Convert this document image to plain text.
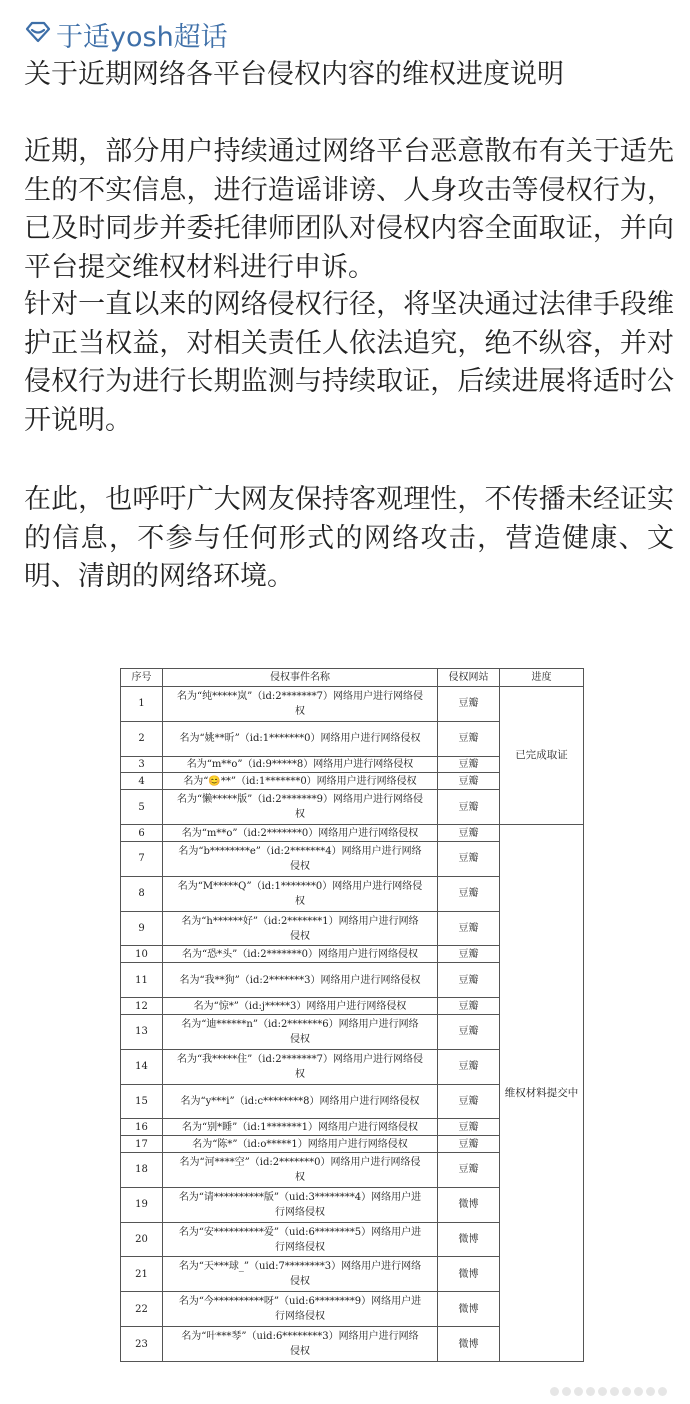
于适yosh超话
关于近期网络各平台侵权内容的维权进度说明
近期，部分用户持续通过网络平台恶意散布有关于适先生的不实信息，进行造谣诽谤、人身攻击等侵权行为，已及时同步并委托律师团队对侵权内容全面取证，并向平台提交维权材料进行申诉。
针对一直以来的网络侵权行径，将坚决通过法律手段维护正当权益，对相关责任人依法追究，绝不纵容，并对侵权行为进行长期监测与持续取证，后续进展将适时公开说明。
在此，也呼吁广大网友保持客观理性，不传播未经证实的信息，不参与任何形式的网络攻击，营造健康、文明、清朗的网络环境。
序号	侵权事件名称	侵权网站	进度
1	名为“纯*****岚”（id:2*******7）网络用户进行网络侵权	豆瓣	已完成取证
2	名为“姚**昕”（id:1*******0）网络用户进行网络侵权	豆瓣	
3	名为“m**o”（id:9*****8）网络用户进行网络侵权	豆瓣	
4	名为“😊**”（id:1*******0）网络用户进行网络侵权	豆瓣	
5	名为“懒*****版”（id:2*******9）网络用户进行网络侵权	豆瓣	
6	名为“m**o”（id:2*******0）网络用户进行网络侵权	豆瓣	维权材料提交中
7	名为“b********e”（id:2*******4）网络用户进行网络侵权	豆瓣	
8	名为“M*****Q”（id:1*******0）网络用户进行网络侵权	豆瓣	
9	名为“h******好”（id:2*******1）网络用户进行网络侵权	豆瓣	
10	名为“恐*头”（id:2*******0）网络用户进行网络侵权	豆瓣	
11	名为“我**狗”（id:2*******3）网络用户进行网络侵权	豆瓣	
12	名为“惊*”（id:j*****3）网络用户进行网络侵权	豆瓣	
13	名为“迪******n”（id:2*******6）网络用户进行网络侵权	豆瓣	
14	名为“我*****住”（id:2*******7）网络用户进行网络侵权	豆瓣	
15	名为“y***i”（id:c********8）网络用户进行网络侵权	豆瓣	
16	名为“别*睡”（id:1*******1）网络用户进行网络侵权	豆瓣	
17	名为“陈*”（id:o*****1）网络用户进行网络侵权	豆瓣	
18	名为“河****空”（id:2*******0）网络用户进行网络侵权	豆瓣	
19	名为“请**********版”（uid:3********4）网络用户进行网络侵权	微博	
20	名为“安**********爱”（uid:6********5）网络用户进行网络侵权	微博	
21	名为“天***球_”（uid:7********3）网络用户进行网络侵权	微博	
22	名为“今**********呀”（uid:6********9）网络用户进行网络侵权	微博	
23	名为“叶***琴”（uid:6********3）网络用户进行网络侵权	微博	
